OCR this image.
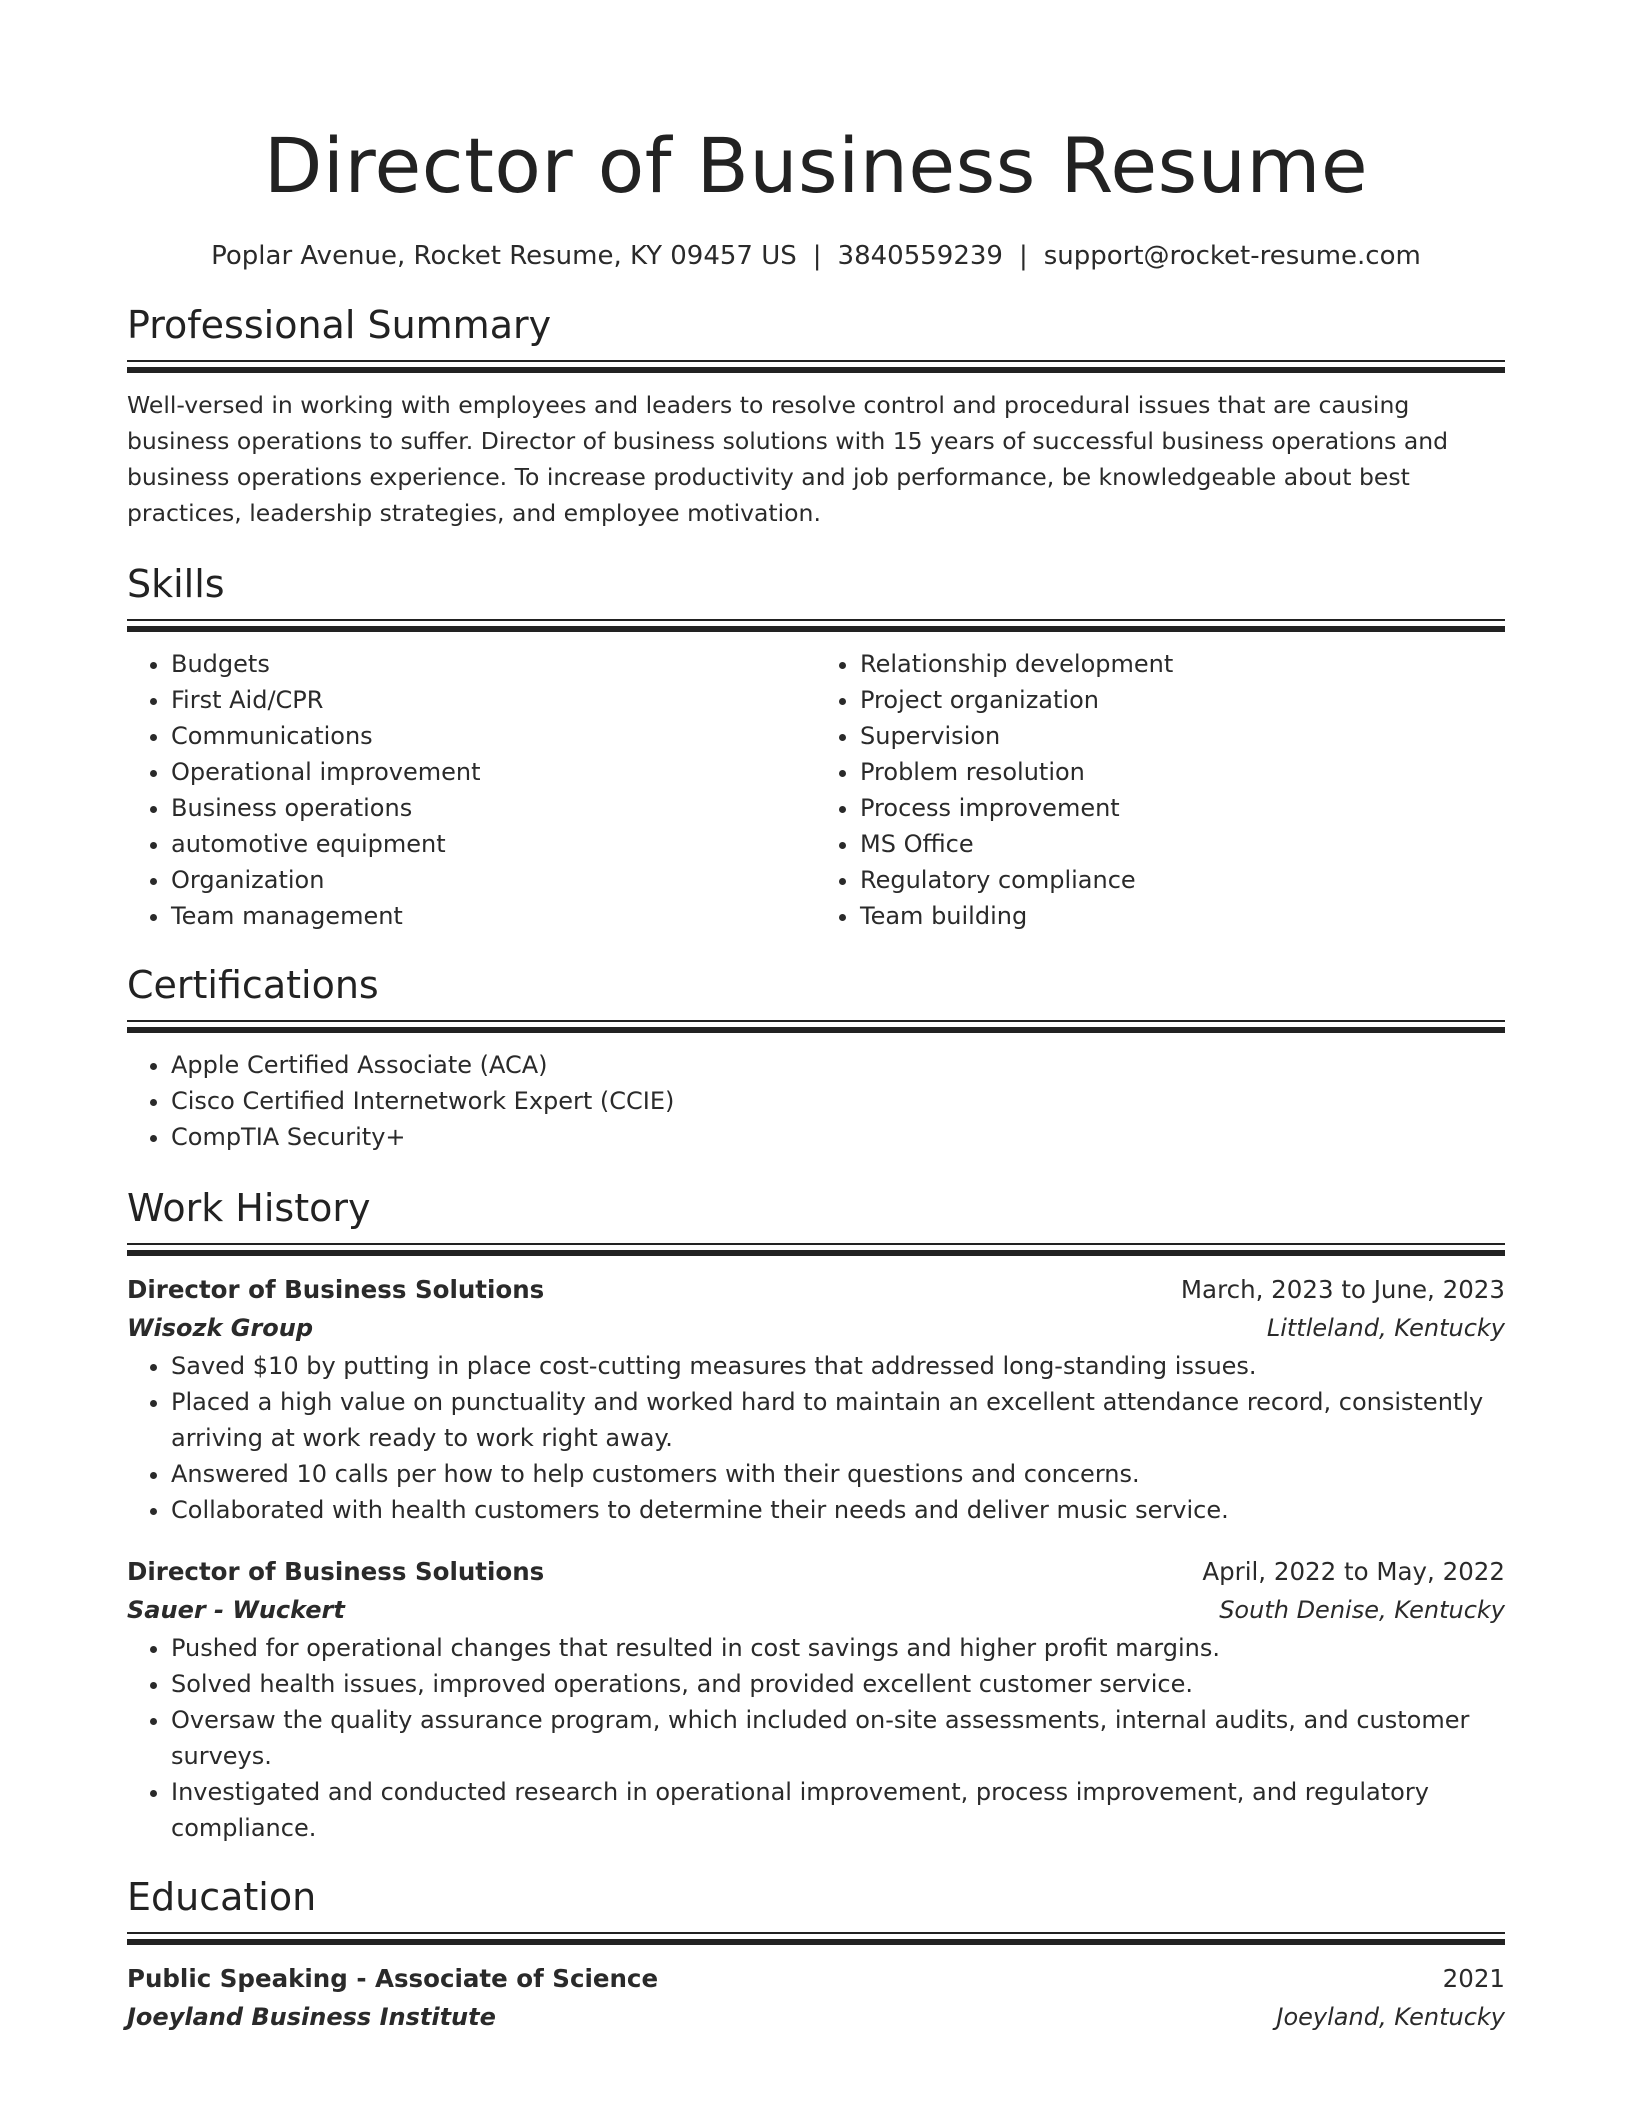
Director of Business Resume
Poplar Avenue, Rocket Resume, KY 09457 US | 3840559239 | support@rocket-resume.com
Professional Summary

Well-versed in working with employees and leaders to resolve control and procedural issues that are causing business operations to suffer. Director of business solutions with 15 years of successful business operations and business operations experience. To increase productivity and job performance, be knowledgeable about best practices, leadership strategies, and employee motivation.

Skills
• Budgets
• First Aid/CPR
• Communications
• Operational improvement
• Business operations
• automotive equipment
• Organization
• Team management
• Relationship development
• Project organization
• Supervision
• Problem resolution
• Process improvement
• MS Office
• Regulatory compliance
• Team building
Certifications
• Apple Certified Associate (ACA)
• Cisco Certified Internetwork Expert (CCIE)
• CompTIA Security+
Work History
Director of Business Solutions	March, 2023 to June, 2023
Wisozk Group	Littleland, Kentucky
• Saved $10 by putting in place cost-cutting measures that addressed long-standing issues.
• Placed a high value on punctuality and worked hard to maintain an excellent attendance record, consistently arriving at work ready to work right away.
• Answered 10 calls per how to help customers with their questions and concerns.
• Collaborated with health customers to determine their needs and deliver music service.
Director of Business Solutions	April, 2022 to May, 2022
Sauer - Wuckert	South Denise, Kentucky
• Pushed for operational changes that resulted in cost savings and higher profit margins.
• Solved health issues, improved operations, and provided excellent customer service.
• Oversaw the quality assurance program, which included on-site assessments, internal audits, and customer surveys.
• Investigated and conducted research in operational improvement, process improvement, and regulatory compliance.
Education
Public Speaking - Associate of Science	2021
Joeyland Business Institute	Joeyland, Kentucky
